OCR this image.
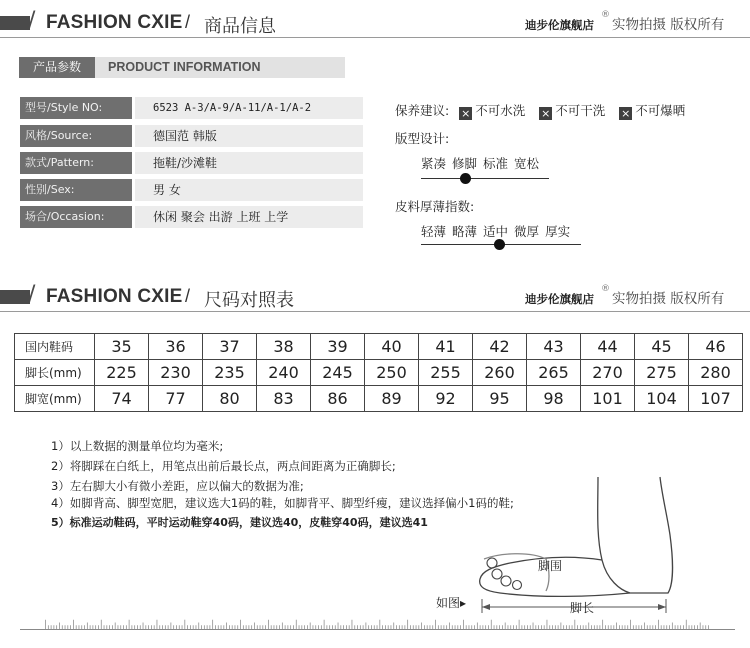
/ FASHION CXIE / 商品信息	迪步伦旗舰店
®
实物拍摄 版权所有
产品参数	PRODUCT INFORMATION
型号/Style NO:	6523 A-3/A-9/A-11/A-1/A-2
风格/Source:	德国范 韩版
款式/Pattern:	拖鞋/沙滩鞋
性别/Sex:	男 女
场合/Occasion:	休闲 聚会 出游 上班 上学
保养建议: × 不可水洗 × 不可干洗 × 不可爆晒
版型设计:
紧凑 修脚 标准 宽松
皮料厚薄指数:
轻薄 略薄 适中 微厚 厚实
/ FASHION CXIE / 尺码对照表	迪步伦旗舰店
®
实物拍摄 版权所有
国内鞋码	35	36	37	38	39	40	41	42	43	44	45	46
脚长(mm)	225	230	235	240	245	250	255	260	265	270	275	280
脚宽(mm)	74	77	80	83	86	89	92	95	98	101	104	107
1）以上数据的测量单位均为毫米;
2）将脚踩在白纸上，用笔点出前后最长点，两点间距离为正确脚长;
3）左右脚大小有微小差距，应以偏大的数据为准;
4）如脚背高、脚型宽肥，建议选大1码的鞋，如脚背平、脚型纤瘦，建议选择偏小1码的鞋;
5）标准运动鞋码，平时运动鞋穿40码，建议选40，皮鞋穿40码，建议选41
如图▸
脚围
脚长
